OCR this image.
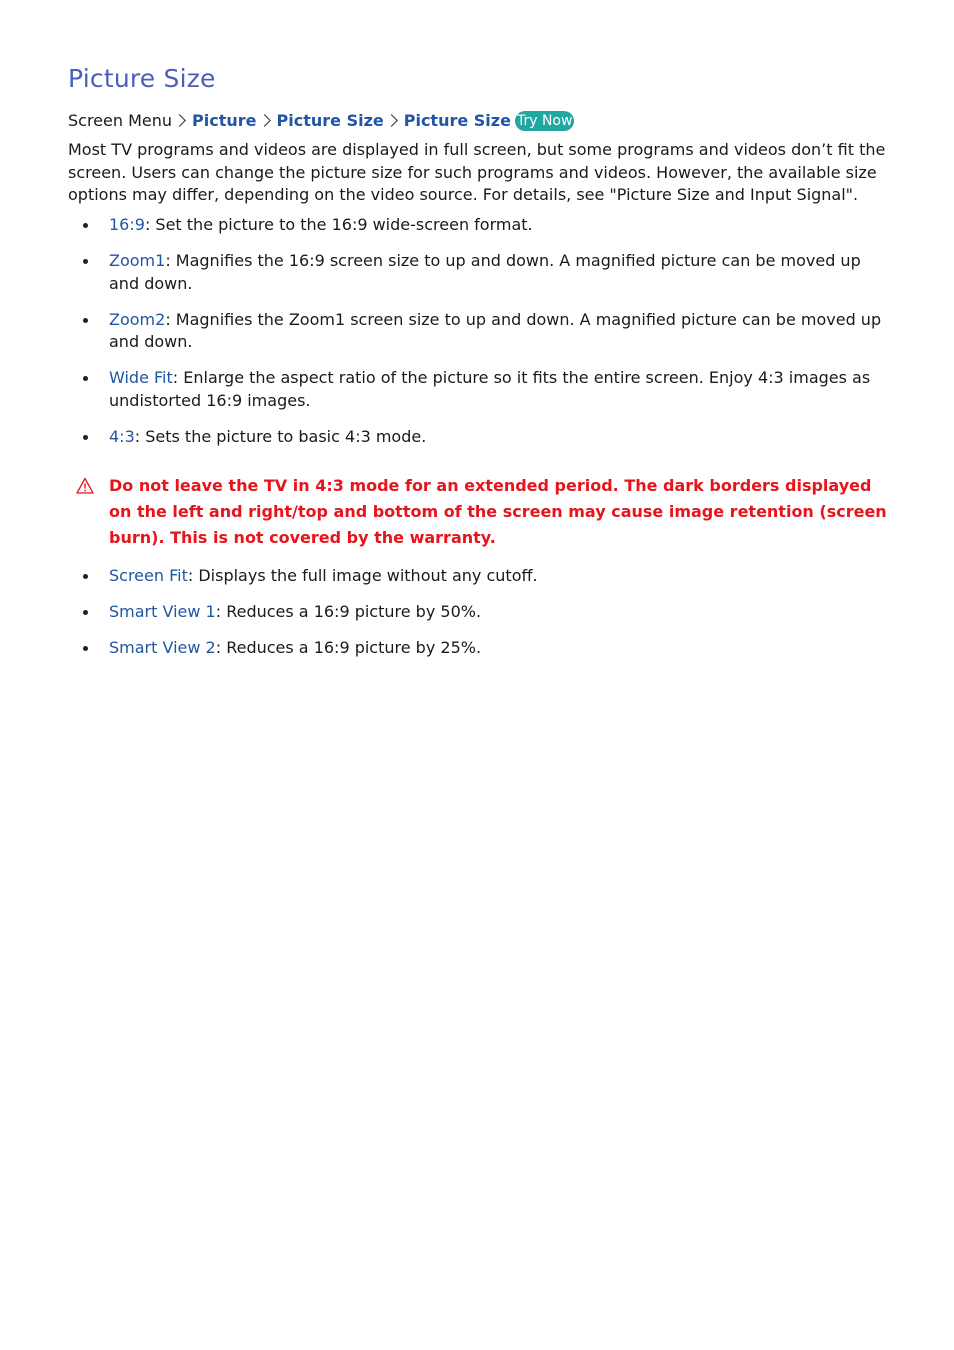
Picture Size
Screen Menu Picture Picture Size Picture Size Try Now

Most TV programs and videos are displayed in full screen, but some programs and videos don’t fit the screen. Users can change the picture size for such programs and videos. However, the available size options may differ, depending on the video source. For details, see "Picture Size and Input Signal".

16:9: Set the picture to the 16:9 wide-screen format.
Zoom1: Magnifies the 16:9 screen size to up and down. A magnified picture can be moved up and down.
Zoom2: Magnifies the Zoom1 screen size to up and down. A magnified picture can be moved up and down.
Wide Fit: Enlarge the aspect ratio of the picture so it fits the entire screen. Enjoy 4:3 images as undistorted 16:9 images.
4:3: Sets the picture to basic 4:3 mode.

Do not leave the TV in 4:3 mode for an extended period. The dark borders displayed on the left and right/top and bottom of the screen may cause image retention (screen burn). This is not covered by the warranty.

Screen Fit: Displays the full image without any cutoff.
Smart View 1: Reduces a 16:9 picture by 50%.
Smart View 2: Reduces a 16:9 picture by 25%.
